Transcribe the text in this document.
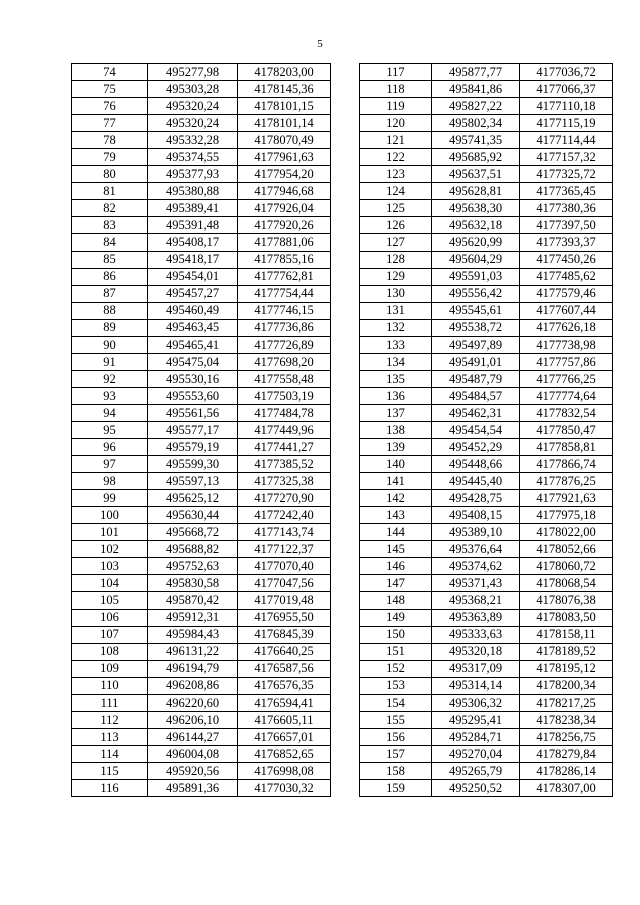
5
74	495277,98	4178203,00
75	495303,28	4178145,36
76	495320,24	4178101,15
77	495320,24	4178101,14
78	495332,28	4178070,49
79	495374,55	4177961,63
80	495377,93	4177954,20
81	495380,88	4177946,68
82	495389,41	4177926,04
83	495391,48	4177920,26
84	495408,17	4177881,06
85	495418,17	4177855,16
86	495454,01	4177762,81
87	495457,27	4177754,44
88	495460,49	4177746,15
89	495463,45	4177736,86
90	495465,41	4177726,89
91	495475,04	4177698,20
92	495530,16	4177558,48
93	495553,60	4177503,19
94	495561,56	4177484,78
95	495577,17	4177449,96
96	495579,19	4177441,27
97	495599,30	4177385,52
98	495597,13	4177325,38
99	495625,12	4177270,90
100	495630,44	4177242,40
101	495668,72	4177143,74
102	495688,82	4177122,37
103	495752,63	4177070,40
104	495830,58	4177047,56
105	495870,42	4177019,48
106	495912,31	4176955,50
107	495984,43	4176845,39
108	496131,22	4176640,25
109	496194,79	4176587,56
110	496208,86	4176576,35
111	496220,60	4176594,41
112	496206,10	4176605,11
113	496144,27	4176657,01
114	496004,08	4176852,65
115	495920,56	4176998,08
116	495891,36	4177030,32
117	495877,77	4177036,72
118	495841,86	4177066,37
119	495827,22	4177110,18
120	495802,34	4177115,19
121	495741,35	4177114,44
122	495685,92	4177157,32
123	495637,51	4177325,72
124	495628,81	4177365,45
125	495638,30	4177380,36
126	495632,18	4177397,50
127	495620,99	4177393,37
128	495604,29	4177450,26
129	495591,03	4177485,62
130	495556,42	4177579,46
131	495545,61	4177607,44
132	495538,72	4177626,18
133	495497,89	4177738,98
134	495491,01	4177757,86
135	495487,79	4177766,25
136	495484,57	4177774,64
137	495462,31	4177832,54
138	495454,54	4177850,47
139	495452,29	4177858,81
140	495448,66	4177866,74
141	495445,40	4177876,25
142	495428,75	4177921,63
143	495408,15	4177975,18
144	495389,10	4178022,00
145	495376,64	4178052,66
146	495374,62	4178060,72
147	495371,43	4178068,54
148	495368,21	4178076,38
149	495363,89	4178083,50
150	495333,63	4178158,11
151	495320,18	4178189,52
152	495317,09	4178195,12
153	495314,14	4178200,34
154	495306,32	4178217,25
155	495295,41	4178238,34
156	495284,71	4178256,75
157	495270,04	4178279,84
158	495265,79	4178286,14
159	495250,52	4178307,00
